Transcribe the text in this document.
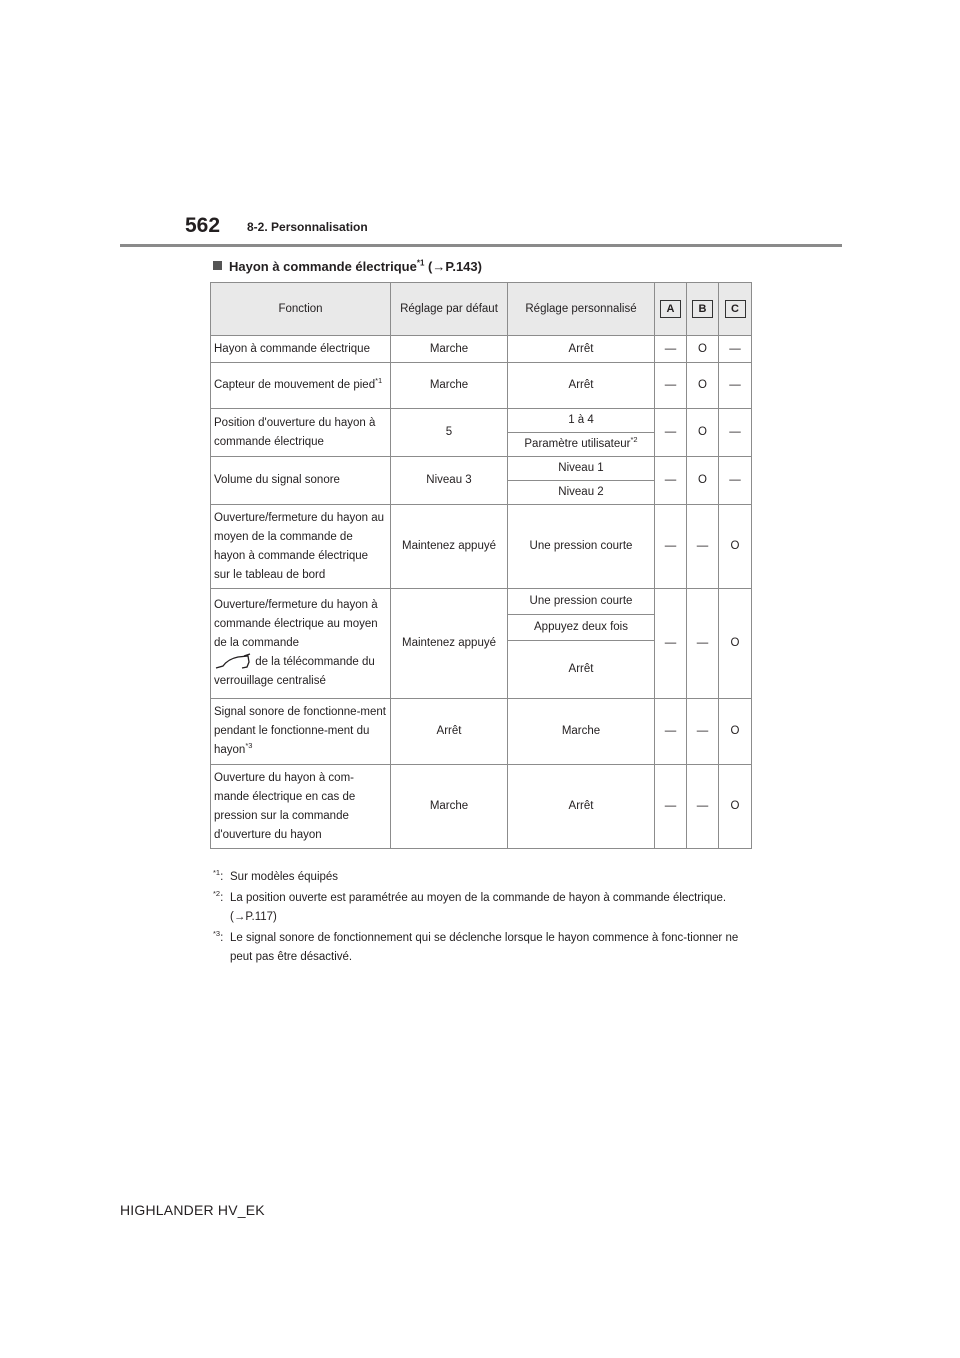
562 8-2. Personnalisation
Hayon à commande électrique$^{*1}$ (→P.143)
Fonction	Réglage par défaut	Réglage personnalisé	A	B	C
Hayon à commande électrique	Marche	Arrêt	—	O	—
Capteur de mouvement de pied$^{*1}$	Marche	Arrêt	—	O	—
Position d'ouverture du hayon à commande électrique	5	1 à 4	—	O	—
		Paramètre utilisateur$^{*2}$
Volume du signal sonore	Niveau 3	Niveau 1	—	O	—
		Niveau 2			
Ouverture/fermeture du hayon au moyen de la commande de hayon à commande électrique sur le tableau de bord	Maintenez appuyé	Une pression courte	—	—	O
Ouverture/fermeture du hayon à commande électrique au moyen de la commande
de la télécommande du verrouillage centralisé	Maintenez appuyé	Une pression courte	—	—	O
		Appuyez deux fois			
		Arrêt			
Signal sonore de fonctionne-ment pendant le fonctionne-ment du hayon$^{*3}$	Arrêt	Marche	—	—	O
Ouverture du hayon à com-mande électrique en cas de pression sur la commande d'ouverture du hayon	Marche	Arrêt	—	—	O
$^{*1}$: Sur modèles équipés
$^{*2}$: La position ouverte est paramétrée au moyen de la commande de hayon à commande électrique. (→P.117)
$^{*3}$: Le signal sonore de fonctionnement qui se déclenche lorsque le hayon commence à fonc-tionner ne peut pas être désactivé.
HIGHLANDER HV_EK
